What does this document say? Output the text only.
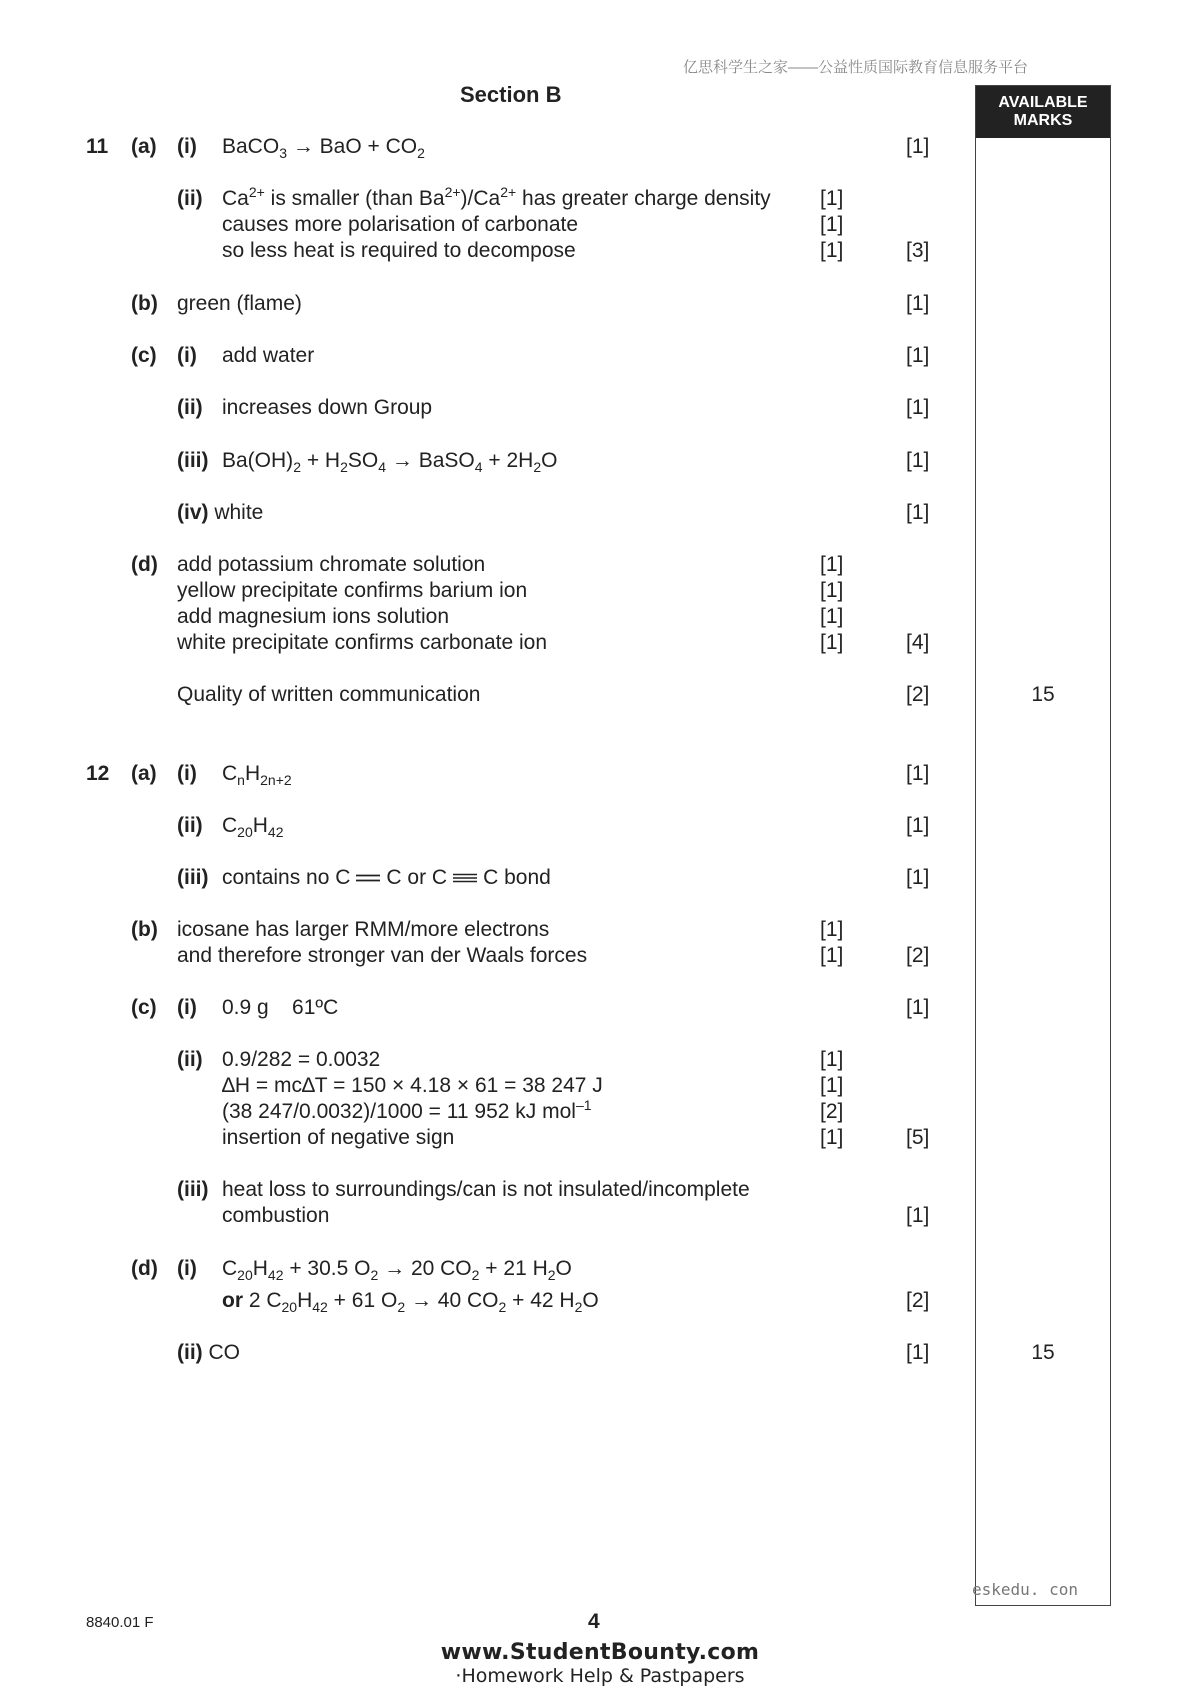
亿思科学生之家——公益性质国际教育信息服务平台
Section B	AVAILABLE
MARKS
11 (a) (i) BaCO$_3$ → BaO + $CO_2$	[1]
(ii) $Ca^{2+}$ is smaller (than $Ba^{2+})/Ca^{2+}$ has greater charge density [1]
causes more polarisation of carbonate	[1]
so less heat is required to decompose	[1]	[3]
(b) green (flame)	[1]
(c) (i) add water	[1]
(ii) increases down Group	[1]
(iii) $Ba(OH)_2 + H_2SO_4$ → BaSO$_4$ + $2H_2O$	[1]
(iv) white	[1]
(d) add potassium chromate solution	[1]
yellow precipitate confirms barium ion	[1]
add magnesium ions solution	[1]
white precipitate confirms carbonate ion	[1]	[4]
Quality of written communication	[2]	15
12 (a) (i) $C_nH_{2n+2}$	[1]
(ii) $C_{20}H_{42}$	[1]
(iii) contains no C C or C C bond	[1]
(b) icosane has larger RMM/more electrons	[1]
and therefore stronger van der Waals forces	[1]	[2]
(c) (i) 0.9 g    61ºC	[1]
(ii) 0.9/282 = 0.0032	[1]
∆H = mc∆T = 150 × 4.18 × 61 = 38 247 J	[1]
(38 247/0.0032)/1000 = 11 952 kJ mol$^{-1}$	[2]
insertion of negative sign	[1]	[5]
(iii) heat loss to surroundings/can is not insulated/incomplete
combustion	[1]
(d) (i) $C_{20}H_{42} + 30.5$ $O_2 \to 20$ $CO_2 + 21$ $H_2O$
or 2 $C_{20}H_{42} + 61$ $O_2 \to 40$ $CO_2 + 42$ $H_2O$	[2]
(ii) CO	[1]	15
eskedu. con
8840.01 F	4
www.StudentBounty.com
·Homework Help & Pastpapers
